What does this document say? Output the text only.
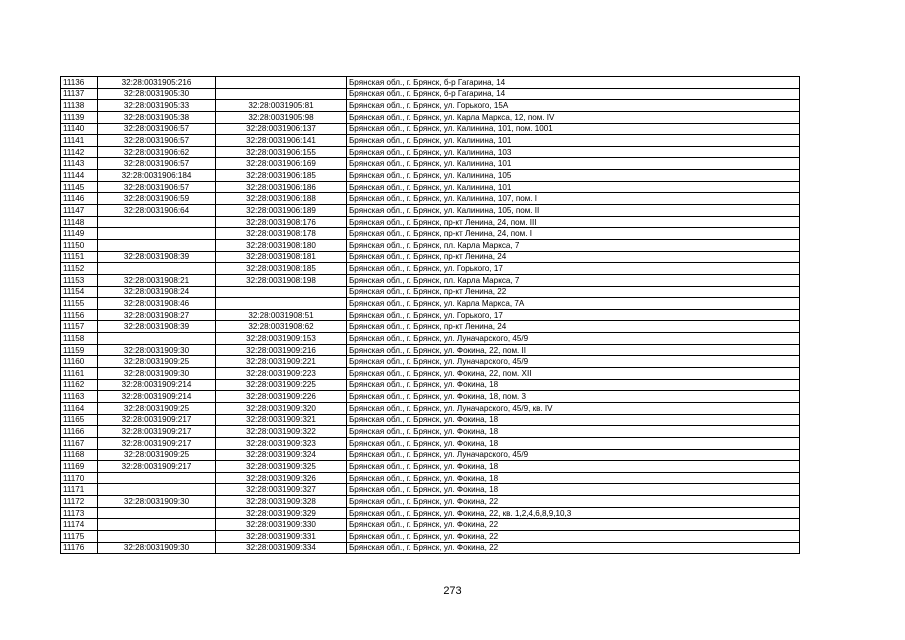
11136	32:28:0031905:216		Брянская обл., г. Брянск, б-р Гагарина, 14
11137	32:28:0031905:30		Брянская обл., г. Брянск, б-р Гагарина, 14
11138	32:28:0031905:33	32:28:0031905:81	Брянская обл., г. Брянск, ул. Горького, 15А
11139	32:28:0031905:38	32:28:0031905:98	Брянская обл., г. Брянск, ул. Карла Маркса, 12, пом. IV
11140	32:28:0031906:57	32:28:0031906:137	Брянская обл., г. Брянск, ул. Калинина, 101, пом. 1001
11141	32:28:0031906:57	32:28:0031906:141	Брянская обл., г. Брянск, ул. Калинина, 101
11142	32:28:0031906:62	32:28:0031906:155	Брянская обл., г. Брянск, ул. Калинина, 103
11143	32:28:0031906:57	32:28:0031906:169	Брянская обл., г. Брянск, ул. Калинина, 101
11144	32:28:0031906:184	32:28:0031906:185	Брянская обл., г. Брянск, ул. Калинина, 105
11145	32:28:0031906:57	32:28:0031906:186	Брянская обл., г. Брянск, ул. Калинина, 101
11146	32:28:0031906:59	32:28:0031906:188	Брянская обл., г. Брянск, ул. Калинина, 107, пом. I
11147	32:28:0031906:64	32:28:0031906:189	Брянская обл., г. Брянск, ул. Калинина, 105, пом. II
11148		32:28:0031908:176	Брянская обл., г. Брянск, пр-кт Ленина, 24, пом. III
11149		32:28:0031908:178	Брянская обл., г. Брянск, пр-кт Ленина, 24, пом. I
11150		32:28:0031908:180	Брянская обл., г. Брянск, пл. Карла Маркса, 7
11151	32:28:0031908:39	32:28:0031908:181	Брянская обл., г. Брянск, пр-кт Ленина, 24
11152		32:28:0031908:185	Брянская обл., г. Брянск, ул. Горького, 17
11153	32:28:0031908:21	32:28:0031908:198	Брянская обл., г. Брянск, пл. Карла Маркса, 7
11154	32:28:0031908:24		Брянская обл., г. Брянск, пр-кт Ленина, 22
11155	32:28:0031908:46		Брянская обл., г. Брянск, ул. Карла Маркса, 7А
11156	32:28:0031908:27	32:28:0031908:51	Брянская обл., г. Брянск, ул. Горького, 17
11157	32:28:0031908:39	32:28:0031908:62	Брянская обл., г. Брянск, пр-кт Ленина, 24
11158		32:28:0031909:153	Брянская обл., г. Брянск, ул. Луначарского, 45/9
11159	32:28:0031909:30	32:28:0031909:216	Брянская обл., г. Брянск, ул. Фокина, 22, пом. II
11160	32:28:0031909:25	32:28:0031909:221	Брянская обл., г. Брянск, ул. Луначарского, 45/9
11161	32:28:0031909:30	32:28:0031909:223	Брянская обл., г. Брянск, ул. Фокина, 22, пом. XII
11162	32:28:0031909:214	32:28:0031909:225	Брянская обл., г. Брянск, ул. Фокина, 18
11163	32:28:0031909:214	32:28:0031909:226	Брянская обл., г. Брянск, ул. Фокина, 18, пом. 3
11164	32:28:0031909:25	32:28:0031909:320	Брянская обл., г. Брянск, ул. Луначарского, 45/9, кв. IV
11165	32:28:0031909:217	32:28:0031909:321	Брянская обл., г. Брянск, ул. Фокина, 18
11166	32:28:0031909:217	32:28:0031909:322	Брянская обл., г. Брянск, ул. Фокина, 18
11167	32:28:0031909:217	32:28:0031909:323	Брянская обл., г. Брянск, ул. Фокина, 18
11168	32:28:0031909:25	32:28:0031909:324	Брянская обл., г. Брянск, ул. Луначарского, 45/9
11169	32:28:0031909:217	32:28:0031909:325	Брянская обл., г. Брянск, ул. Фокина, 18
11170		32:28:0031909:326	Брянская обл., г. Брянск, ул. Фокина, 18
11171		32:28:0031909:327	Брянская обл., г. Брянск, ул. Фокина, 18
11172	32:28:0031909:30	32:28:0031909:328	Брянская обл., г. Брянск, ул. Фокина, 22
11173		32:28:0031909:329	Брянская обл., г. Брянск, ул. Фокина, 22, кв. 1,2,4,6,8,9,10,3
11174		32:28:0031909:330	Брянская обл., г. Брянск, ул. Фокина, 22
11175		32:28:0031909:331	Брянская обл., г. Брянск, ул. Фокина, 22
11176	32:28:0031909:30	32:28:0031909:334	Брянская обл., г. Брянск, ул. Фокина, 22
273
